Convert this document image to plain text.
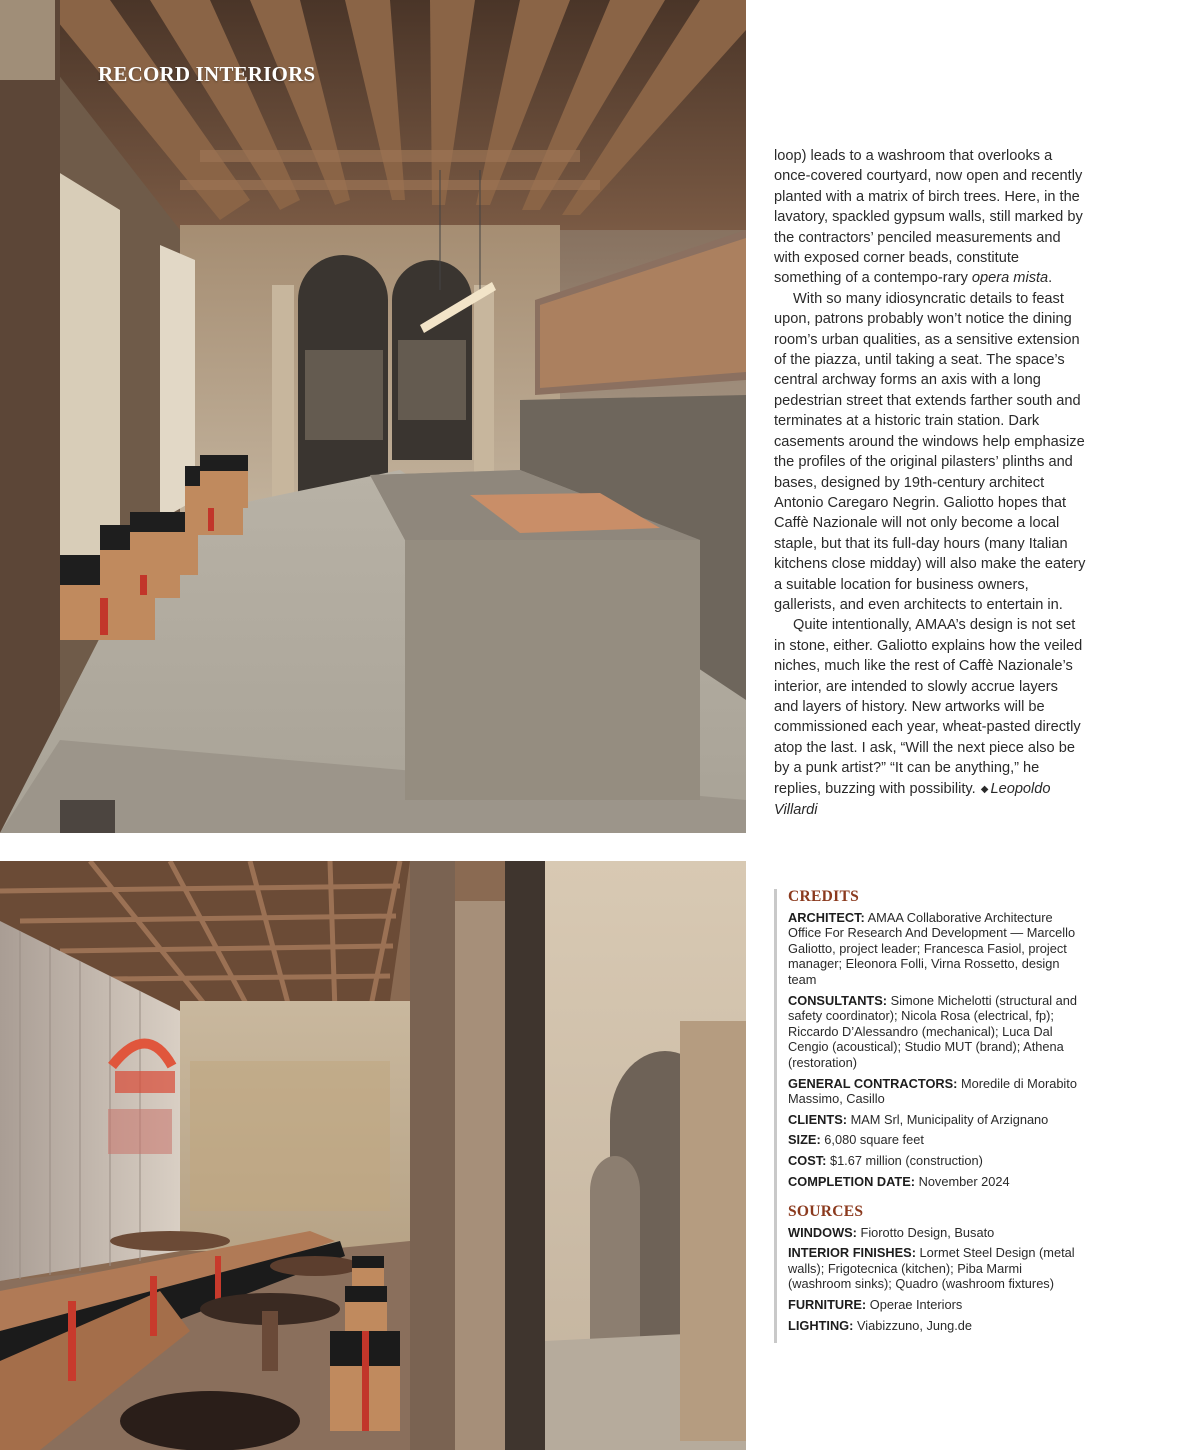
RECORD INTERIORS

loop) leads to a washroom that overlooks a once-covered courtyard, now open and recently planted with a matrix of birch trees. Here, in the lavatory, spackled gypsum walls, still marked by the contractors’ penciled measurements and with exposed corner beads, constitute something of a contempo-rary opera mista.

With so many idiosyncratic details to feast upon, patrons probably won’t notice the dining room’s urban qualities, as a sensitive extension of the piazza, until taking a seat. The space’s central archway forms an axis with a long pedestrian street that extends farther south and terminates at a historic train station. Dark casements around the windows help emphasize the profiles of the original pilasters’ plinths and bases, designed by 19th-century architect Antonio Caregaro Negrin. Galiotto hopes that Caffè Nazionale will not only become a local staple, but that its full-day hours (many Italian kitchens close midday) will also make the eatery a suitable location for business owners, gallerists, and even architects to entertain in.

Quite intentionally, AMAA’s design is not set in stone, either. Galiotto explains how the veiled niches, much like the rest of Caffè Nazionale’s interior, are intended to slowly accrue layers and layers of history. New artworks will be commissioned each year, wheat-pasted directly atop the last. I ask, “Will the next piece also be by a punk artist?” “It can be anything,” he replies, buzzing with possibility. ◆ Leopoldo Villardi

CREDITS
ARCHITECT: AMAA Collaborative Architecture Office For Research And Development — Marcello Galiotto, project leader; Francesca Fasiol, project manager; Eleonora Folli, Virna Rossetto, design team
CONSULTANTS: Simone Michelotti (structural and safety coordinator); Nicola Rosa (electrical, fp); Riccardo D’Alessandro (mechanical); Luca Dal Cengio (acoustical); Studio MUT (brand); Athena (restoration)
GENERAL CONTRACTORS: Moredile di Morabito Massimo, Casillo
CLIENTS: MAM Srl, Municipality of Arzignano
SIZE: 6,080 square feet
COST: $1.67 million (construction)
COMPLETION DATE: November 2024
SOURCES
WINDOWS: Fiorotto Design, Busato
INTERIOR FINISHES: Lormet Steel Design (metal walls); Frigotecnica (kitchen); Piba Marmi (washroom sinks); Quadro (washroom fixtures)
FURNITURE: Operae Interiors
LIGHTING: Viabizzuno, Jung.de
